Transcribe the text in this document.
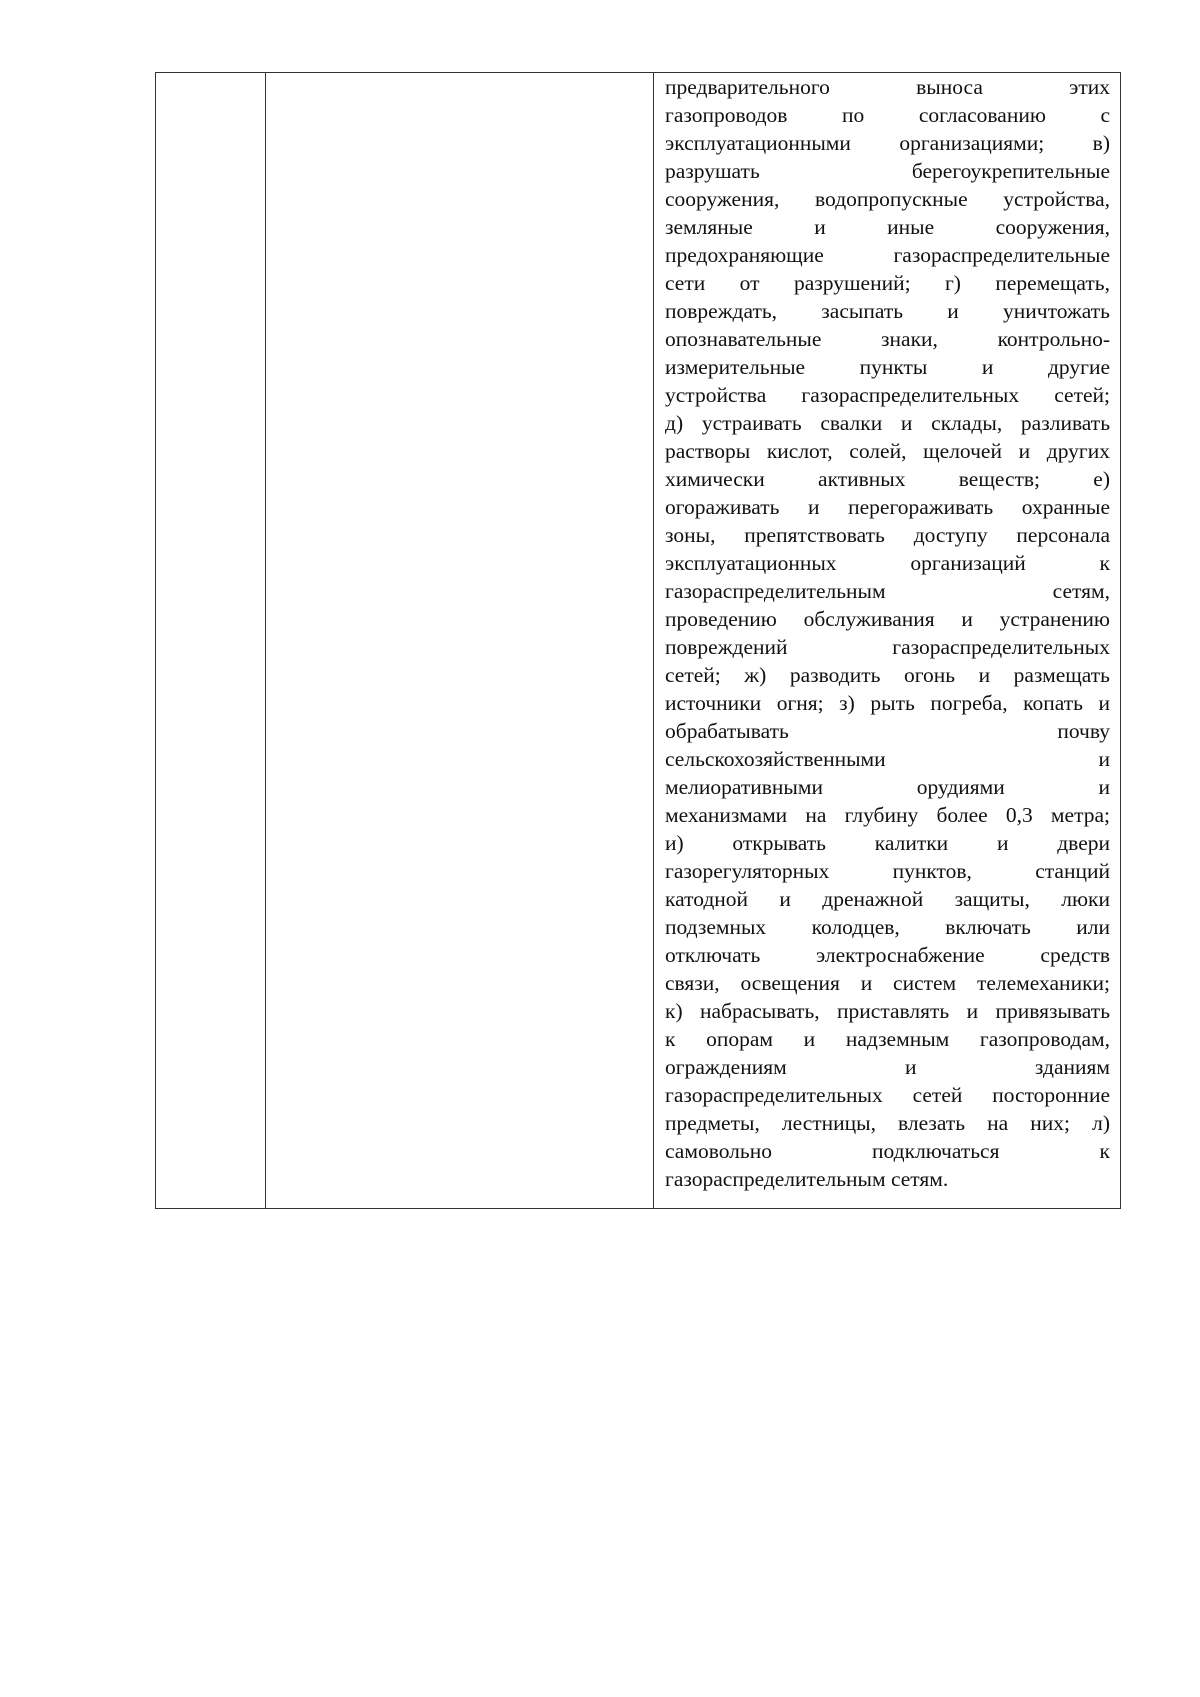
предварительного выноса этих
газопроводов по согласованию с
эксплуатационными организациями; в)
разрушать берегоукрепительные
сооружения, водопропускные устройства,
земляные и иные сооружения,
предохраняющие газораспределительные
сети от разрушений; г) перемещать,
повреждать, засыпать и уничтожать
опознавательные знаки, контрольно-
измерительные пункты и другие
устройства газораспределительных сетей;
д) устраивать свалки и склады, разливать
растворы кислот, солей, щелочей и других
химически активных веществ; е)
огораживать и перегораживать охранные
зоны, препятствовать доступу персонала
эксплуатационных организаций к
газораспределительным сетям,
проведению обслуживания и устранению
повреждений газораспределительных
сетей; ж) разводить огонь и размещать
источники огня; з) рыть погреба, копать и
обрабатывать почву
сельскохозяйственными и
мелиоративными орудиями и
механизмами на глубину более 0,3 метра;
и) открывать калитки и двери
газорегуляторных пунктов, станций
катодной и дренажной защиты, люки
подземных колодцев, включать или
отключать электроснабжение средств
связи, освещения и систем телемеханики;
к) набрасывать, приставлять и привязывать
к опорам и надземным газопроводам,
ограждениям и зданиям
газораспределительных сетей посторонние
предметы, лестницы, влезать на них; л)
самовольно подключаться к
газораспределительным сетям.
